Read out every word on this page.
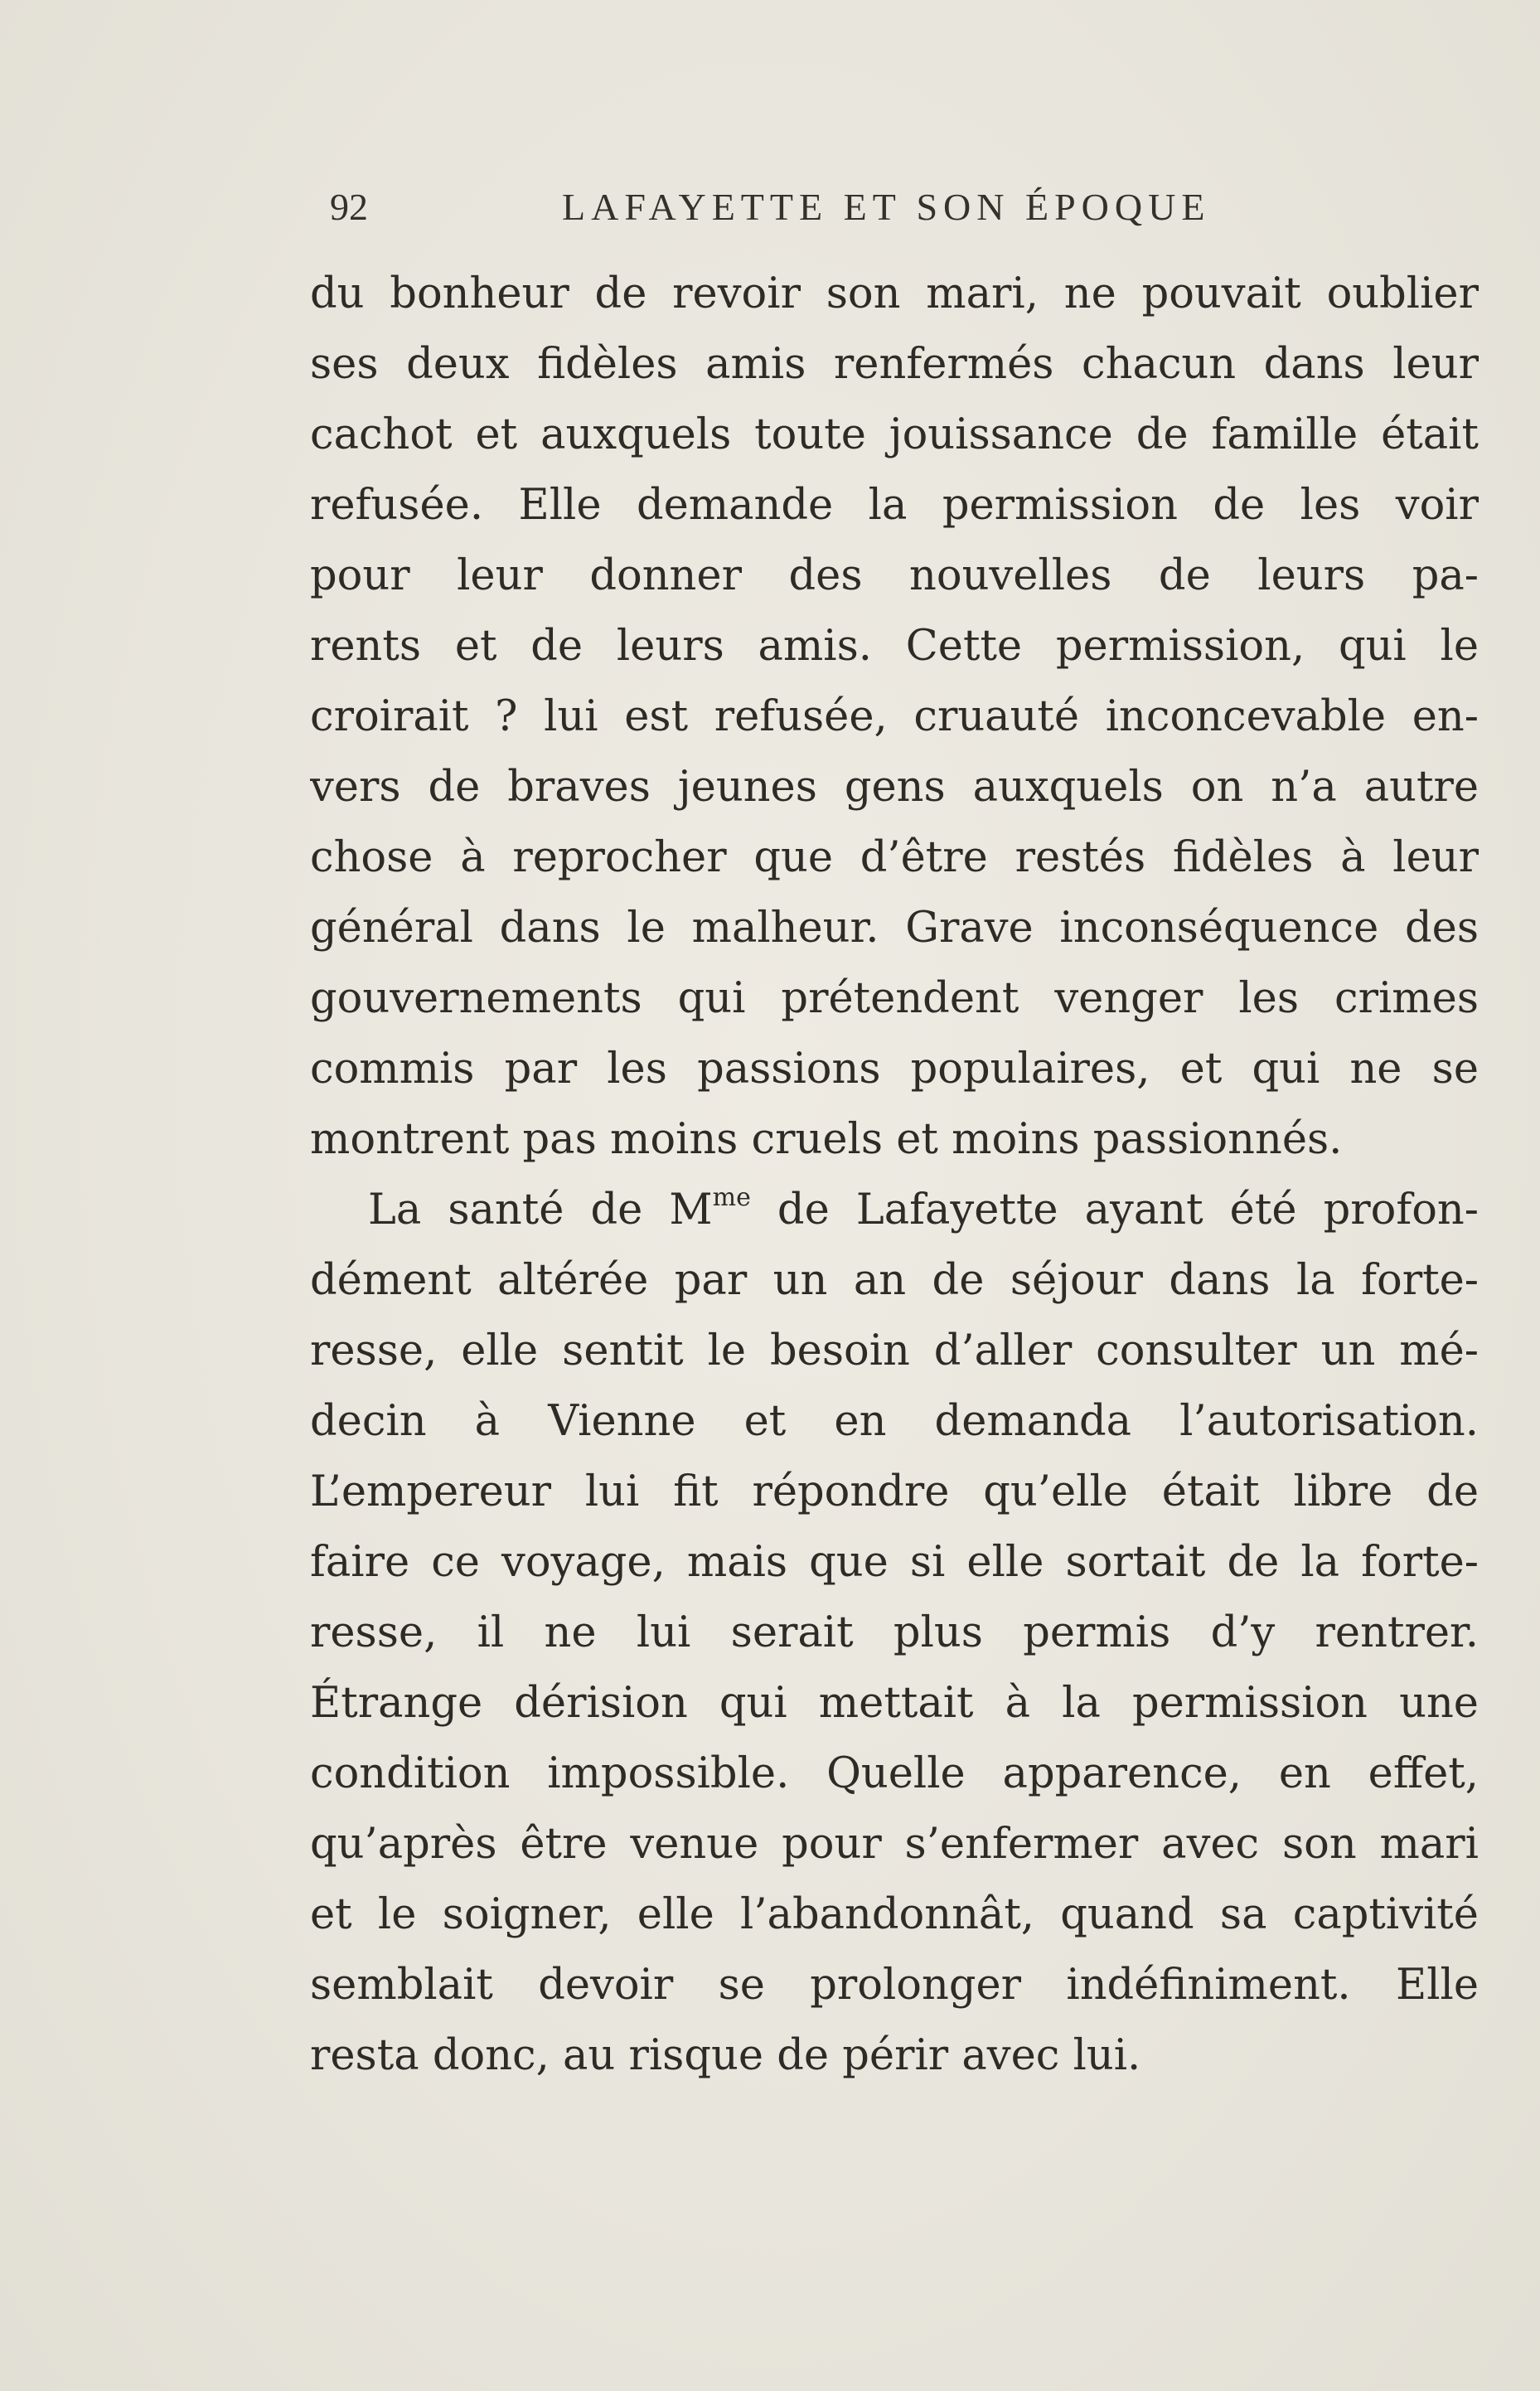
92	LAFAYETTE ET SON ÉPOQUE
du bonheur de revoir son mari, ne pouvait oublier
ses deux fidèles amis renfermés chacun dans leur
cachot et auxquels toute jouissance de famille était
refusée. Elle demande la permission de les voir
pour leur donner des nouvelles de leurs pa-
rents et de leurs amis. Cette permission, qui le
croirait ? lui est refusée, cruauté inconcevable en-
vers de braves jeunes gens auxquels on n’a autre
chose à reprocher que d’être restés fidèles à leur
général dans le malheur. Grave inconséquence des
gouvernements qui prétendent venger les crimes
commis par les passions populaires, et qui ne se
montrent pas moins cruels et moins passionnés.
La santé de $M^{me}$ de Lafayette ayant été profon-
dément altérée par un an de séjour dans la forte-
resse, elle sentit le besoin d’aller consulter un mé-
decin à Vienne et en demanda l’autorisation.
L’empereur lui fit répondre qu’elle était libre de
faire ce voyage, mais que si elle sortait de la forte-
resse, il ne lui serait plus permis d’y rentrer.
Étrange dérision qui mettait à la permission une
condition impossible. Quelle apparence, en effet,
qu’après être venue pour s’enfermer avec son mari
et le soigner, elle l’abandonnât, quand sa captivité
semblait devoir se prolonger indéfiniment. Elle
resta donc, au risque de périr avec lui.
